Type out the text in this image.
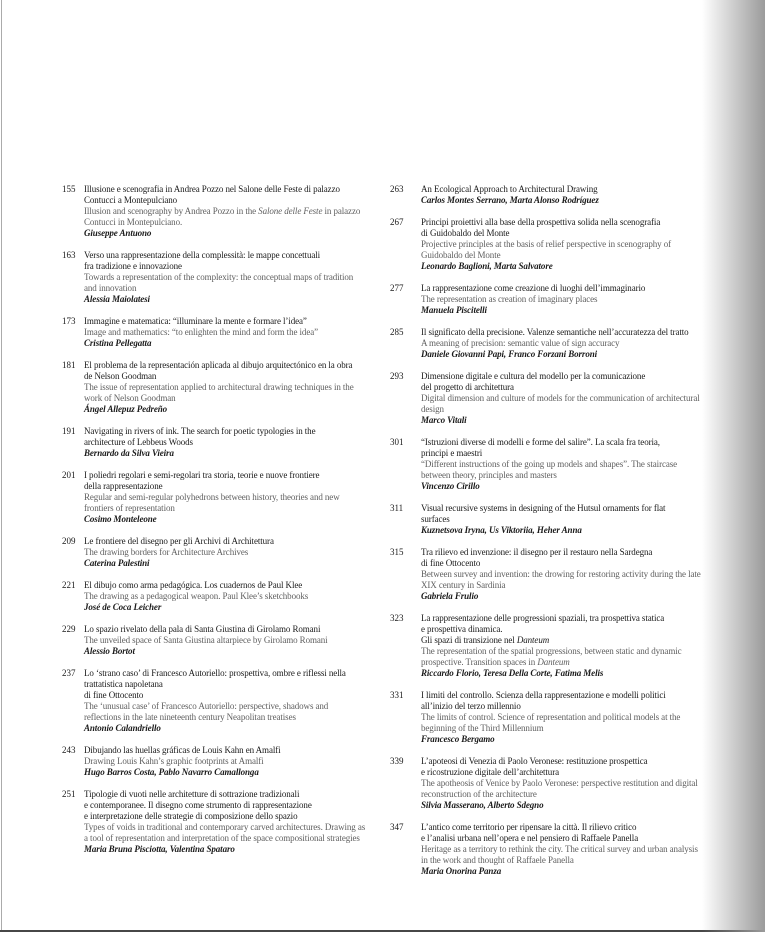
155 Illusione e scenografia in Andrea Pozzo nel Salone delle Feste di palazzo
Contucci a Montepulciano
Illusion and scenography by Andrea Pozzo in the Salone delle Feste in palazzo
Contucci in Montepulciano.
Giuseppe Antuono
163 Verso una rappresentazione della complessità: le mappe concettuali
fra tradizione e innovazione
Towards a representation of the complexity: the conceptual maps of tradition
and innovation
Alessia Maiolatesi
173 Immagine e matematica: “illuminare la mente e formare l’idea”
Image and mathematics: “to enlighten the mind and form the idea”
Cristina Pellegatta
181 El problema de la representación aplicada al dibujo arquitectónico en la obra
de Nelson Goodman
The issue of representation applied to architectural drawing techniques in the
work of Nelson Goodman
Ángel Allepuz Pedreño
191 Navigating in rivers of ink. The search for poetic typologies in the
architecture of Lebbeus Woods
Bernardo da Silva Vieira
201 I poliedri regolari e semi-regolari tra storia, teorie e nuove frontiere
della rappresentazione
Regular and semi-regular polyhedrons between history, theories and new
frontiers of representation
Cosimo Monteleone
209 Le frontiere del disegno per gli Archivi di Architettura
The drawing borders for Architecture Archives
Caterina Palestini
221 El dibujo como arma pedagógica. Los cuadernos de Paul Klee
The drawing as a pedagogical weapon. Paul Klee’s sketchbooks
José de Coca Leicher
229 Lo spazio rivelato della pala di Santa Giustina di Girolamo Romani
The unveiled space of Santa Giustina altarpiece by Girolamo Romani
Alessio Bortot
237 Lo ‘strano caso’ di Francesco Autoriello: prospettiva, ombre e riflessi nella
trattatistica napoletana
di fine Ottocento
The ‘unusual case’ of Francesco Autoriello: perspective, shadows and
reflections in the late nineteenth century Neapolitan treatises
Antonio Calandriello
243 Dibujando las huellas gráficas de Louis Kahn en Amalfi
Drawing Louis Kahn’s graphic footprints at Amalfi
Hugo Barros Costa, Pablo Navarro Camallonga
251 Tipologie di vuoti nelle architetture di sottrazione tradizionali
e contemporanee. Il disegno come strumento di rappresentazione
e interpretazione delle strategie di composizione dello spazio
Types of voids in traditional and contemporary carved architectures. Drawing as
a tool of representation and interpretation of the space compositional strategies
Maria Bruna Pisciotta, Valentina Spataro
263	An Ecological Approach to Architectural Drawing
Carlos Montes Serrano, Marta Alonso Rodríguez
267	Principi proiettivi alla base della prospettiva solida nella scenografia
di Guidobaldo del Monte
Projective principles at the basis of relief perspective in scenography of
Guidobaldo del Monte
Leonardo Baglioni, Marta Salvatore
277	La rappresentazione come creazione di luoghi dell’immaginario
The representation as creation of imaginary places
Manuela Piscitelli
285	Il significato della precisione. Valenze semantiche nell’accuratezza del tratto
A meaning of precision: semantic value of sign accuracy
Daniele Giovanni Papi, Franco Forzani Borroni
293	Dimensione digitale e cultura del modello per la comunicazione
del progetto di architettura
Digital dimension and culture of models for the communication of architectural
design
Marco Vitali
301	“Istruzioni diverse di modelli e forme del salire”. La scala fra teoria,
principi e maestri
“Different instructions of the going up models and shapes”. The staircase
between theory, principles and masters
Vincenzo Cirillo
311	Visual recursive systems in designing of the Hutsul ornaments for flat
surfaces
Kuznetsova Iryna, Us Viktoriia, Heher Anna
315	Tra rilievo ed invenzione: il disegno per il restauro nella Sardegna
di fine Ottocento
Between survey and invention: the drowing for restoring activity during the late
XIX century in Sardinia
Gabriela Frulio
323	La rappresentazione delle progressioni spaziali, tra prospettiva statica
e prospettiva dinamica.
Gli spazi di transizione nel Danteum
The representation of the spatial progressions, between static and dynamic
prospective. Transition spaces in Danteum
Riccardo Florio, Teresa Della Corte, Fatima Melis
331	I limiti del controllo. Scienza della rappresentazione e modelli politici
all’inizio del terzo millennio
The limits of control. Science of representation and political models at the
beginning of the Third Millennium
Francesco Bergamo
339	L’apoteosi di Venezia di Paolo Veronese: restituzione prospettica
e ricostruzione digitale dell’architettura
The apotheosis of Venice by Paolo Veronese: perspective restitution and digital
reconstruction of the architecture
Silvia Masserano, Alberto Sdegno
347	L’antico come territorio per ripensare la città. Il rilievo critico
e l’analisi urbana nell’opera e nel pensiero di Raffaele Panella
Heritage as a territory to rethink the city. The critical survey and urban analysis
in the work and thought of Raffaele Panella
Maria Onorina Panza
